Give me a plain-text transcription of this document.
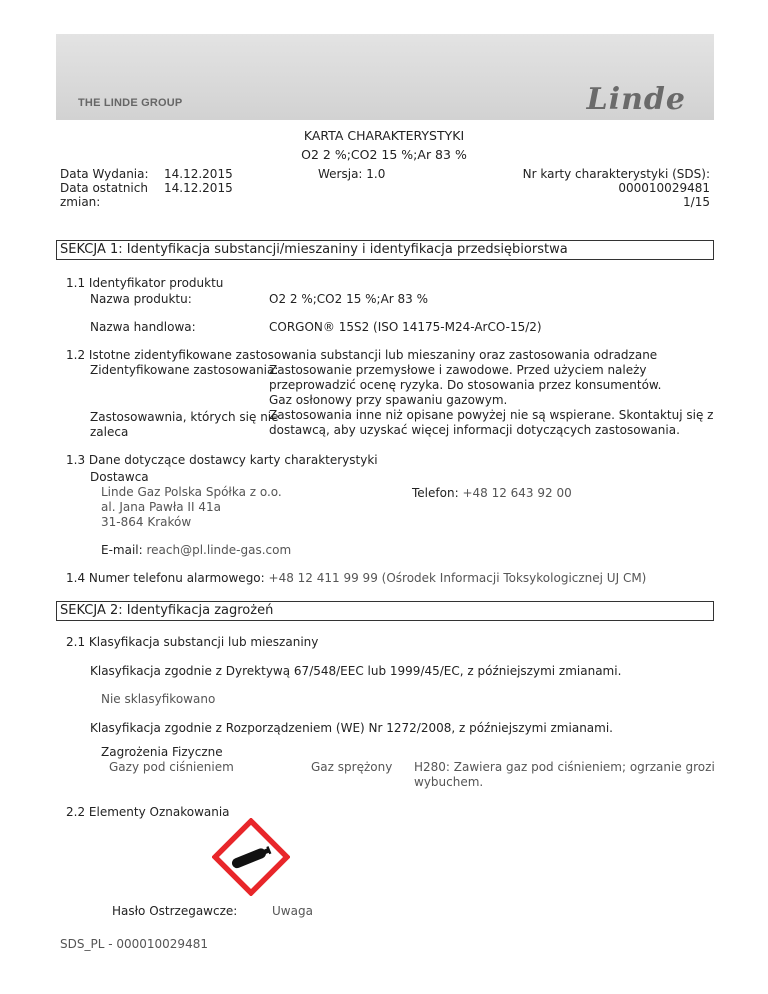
THE LINDE GROUP	Linde
KARTA CHARAKTERYSTYKI
O2 2 %;CO2 15 %;Ar 83 %
Data Wydania: 14.12.2015
Data ostatnich 14.12.2015
zmian:
Wersja: 1.0	Nr karty charakterystyki (SDS):
000010029481
1/15
SEKCJA 1: Identyfikacja substancji/mieszaniny i identyfikacja przedsiębiorstwa
1.1 Identyfikator produktu
Nazwa produktu:	O2 2 %;CO2 15 %;Ar 83 %
Nazwa handlowa:	CORGON® 15S2 (ISO 14175-M24-ArCO-15/2)
1.2 Istotne zidentyfikowane zastosowania substancji lub mieszaniny oraz zastosowania odradzane
Zidentyfikowane zastosowania:
Zastosowanie przemysłowe i zawodowe. Przed użyciem należy
przeprowadzić ocenę ryzyka. Do stosowania przez konsumentów.
Gaz osłonowy przy spawaniu gazowym.
Zastosowawnia, których się nie
zaleca
Zastosowania inne niż opisane powyżej nie są wspierane. Skontaktuj się z
dostawcą, aby uzyskać więcej informacji dotyczących zastosowania.
1.3 Dane dotyczące dostawcy karty charakterystyki
Dostawca
Linde Gaz Polska Spółka z o.o.
al. Jana Pawła II 41a
31-864 Kraków
Telefon: +48 12 643 92 00
E-mail: reach@pl.linde-gas.com
1.4 Numer telefonu alarmowego: +48 12 411 99 99 (Ośrodek Informacji Toksykologicznej UJ CM)
SEKCJA 2: Identyfikacja zagrożeń
2.1 Klasyfikacja substancji lub mieszaniny
Klasyfikacja zgodnie z Dyrektywą 67/548/EEC lub 1999/45/EC, z późniejszymi zmianami.
Nie sklasyfikowano
Klasyfikacja zgodnie z Rozporządzeniem (WE) Nr 1272/2008, z późniejszymi zmianami.
Zagrożenia Fizyczne
Gazy pod ciśnieniem	Gaz sprężony H280: Zawiera gaz pod ciśnieniem; ogrzanie grozi
wybuchem.
2.2 Elementy Oznakowania
Hasło Ostrzegawcze:	Uwaga
SDS_PL - 000010029481
